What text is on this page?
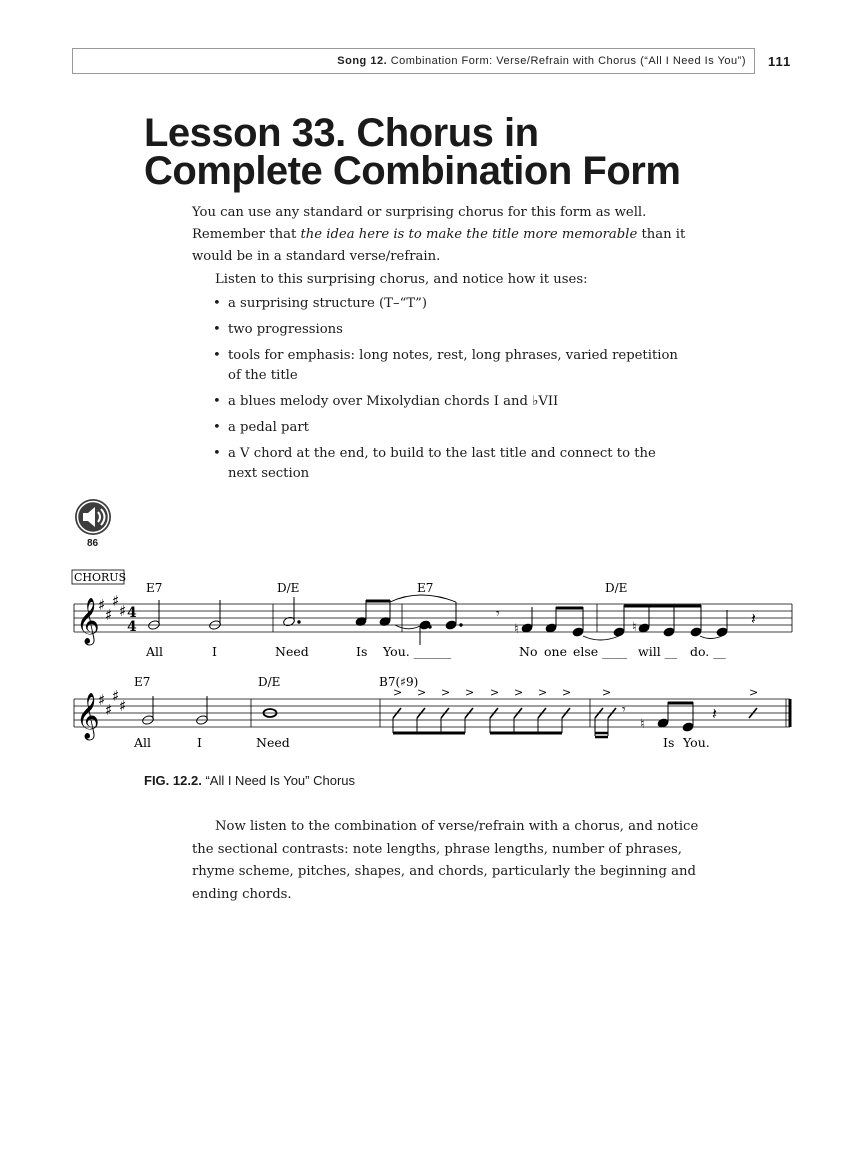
Song 12. Combination Form: Verse/Refrain with Chorus (“All I Need Is You”) 111
Lesson 33. Chorus in
Complete Combination Form

You can use any standard or surprising chorus for this form as well. Remember that the idea here is to make the title more memorable than it would be in a standard verse/refrain.

Listen to this surprising chorus, and notice how it uses:

• a surprising structure (T–“T”)
• two progressions
• tools for emphasis: long notes, rest, long phrases, varied repetition of the title
• a blues melody over Mixolydian chords I and ♭VII
• a pedal part
• a V chord at the end, to build to the last title and connect to the next section
86
CHORUS
𝄞
♯
♯
♯
♯ 4
4
E7	D/E	E7	D/E
𝄾
♮	♮	𝄽
All	I	Need	Is You. ______	No one else ____ will __ do. __
𝄞
♯
♯
♯
♯
E7	D/E	B7(♯9)
> > > > > > > >	>	>
𝄾
♮
𝄽
All	I	Need	Is You.
FIG. 12.2. “All I Need Is You” Chorus

Now listen to the combination of verse/refrain with a chorus, and notice the sectional contrasts: note lengths, phrase lengths, number of phrases, rhyme scheme, pitches, shapes, and chords, particularly the beginning and ending chords.
